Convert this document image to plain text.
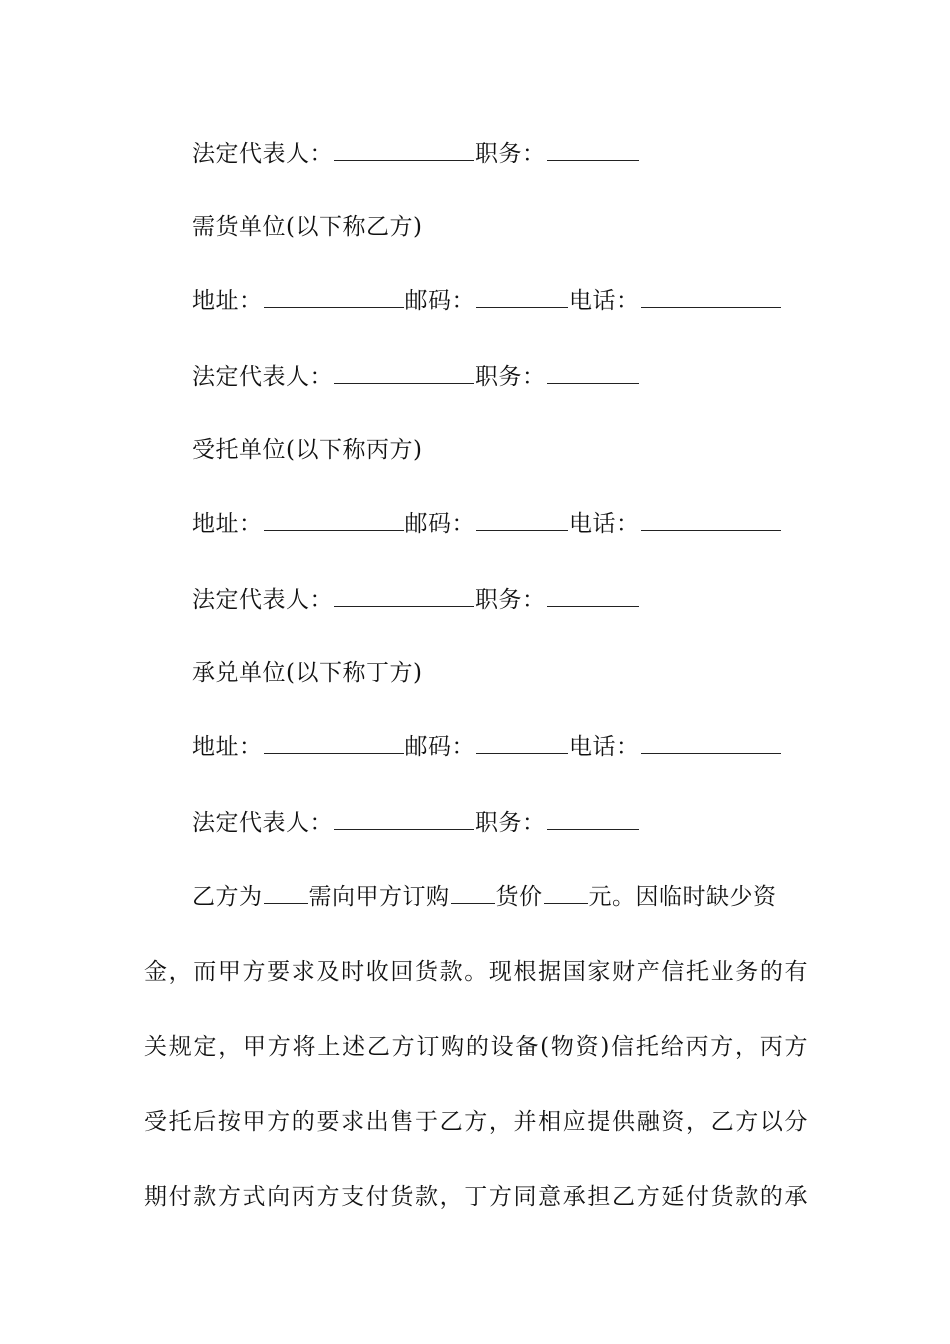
法定代表人：	职务：
需货单位(以下称乙方)
地址：	邮码：	电话：
法定代表人：	职务：
受托单位(以下称丙方)
地址：	邮码：	电话：
法定代表人：	职务：
承兑单位(以下称丁方)
地址：	邮码：	电话：
法定代表人：	职务：
乙方为 需向甲方订购 货价 元。因临时缺少资
金，而甲方要求及时收回货款。现根据国家财产信托业务的有
关规定，甲方将上述乙方订购的设备(物资)信托给丙方，丙方
受托后按甲方的要求出售于乙方，并相应提供融资，乙方以分
期付款方式向丙方支付货款，丁方同意承担乙方延付货款的承
